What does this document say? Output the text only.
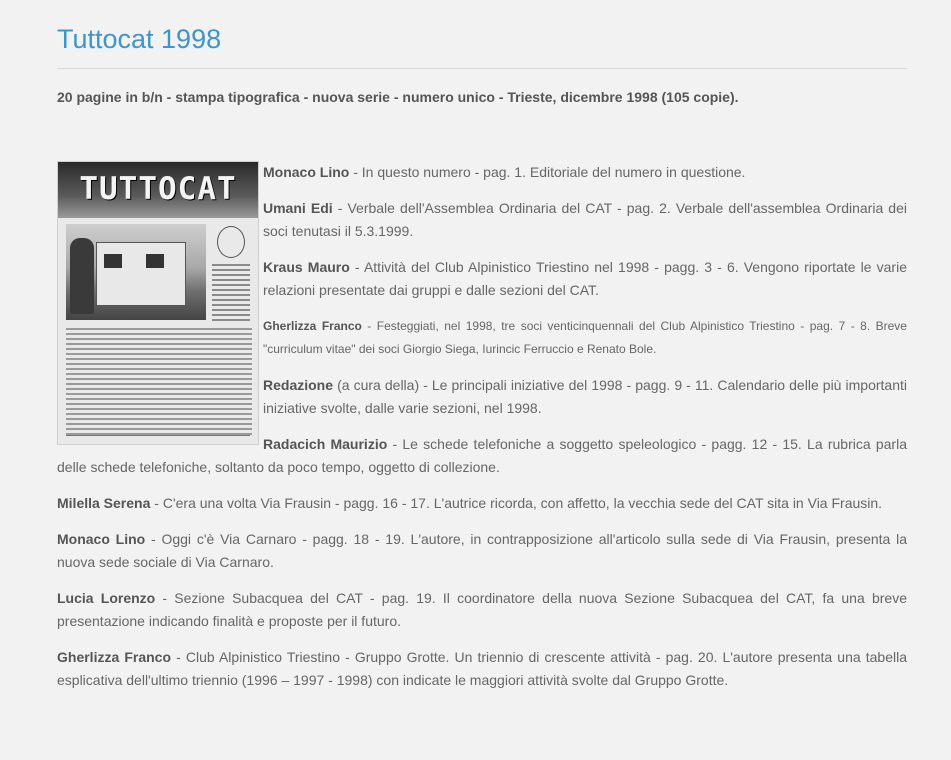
Tuttocat 1998
20 pagine in b/n - stampa tipografica - nuova serie - numero unico - Trieste, dicembre 1998 (105 copie).
TUTTOCAT	Monaco Lino - In questo numero - pag. 1. Editoriale del numero in questione.

Umani Edi - Verbale dell'Assemblea Ordinaria del CAT - pag. 2. Verbale dell'assemblea Ordinaria dei soci tenutasi il 5.3.1999.

Kraus Mauro - Attività del Club Alpinistico Triestino nel 1998 - pagg. 3 - 6. Vengono riportate le varie relazioni presentate dai gruppi e dalle sezioni del CAT.

Gherlizza Franco - Festeggiati, nel 1998, tre soci venticinquennali del Club Alpinistico Triestino - pag. 7 - 8. Breve "curriculum vitae" dei soci Giorgio Siega, Iurincic Ferruccio e Renato Bole.

Redazione (a cura della) - Le principali iniziative del 1998 - pagg. 9 - 11. Calendario delle più importanti iniziative svolte, dalle varie sezioni, nel 1998.

Radacich Maurizio - Le schede telefoniche a soggetto speleologico - pagg. 12 - 15. La rubrica parla delle schede telefoniche, soltanto da poco tempo, oggetto di collezione.

Milella Serena - C'era una volta Via Frausin - pagg. 16 - 17. L'autrice ricorda, con affetto, la vecchia sede del CAT sita in Via Frausin.

Monaco Lino - Oggi c'è Via Carnaro - pagg. 18 - 19. L'autore, in contrapposizione all'articolo sulla sede di Via Frausin, presenta la nuova sede sociale di Via Carnaro.

Lucia Lorenzo - Sezione Subacquea del CAT - pag. 19. Il coordinatore della nuova Sezione Subacquea del CAT, fa una breve presentazione indicando finalità e proposte per il futuro.

Gherlizza Franco - Club Alpinistico Triestino - Gruppo Grotte. Un triennio di crescente attività - pag. 20. L'autore presenta una tabella esplicativa dell'ultimo triennio (1996 – 1997 - 1998) con indicate le maggiori attività svolte dal Gruppo Grotte.
